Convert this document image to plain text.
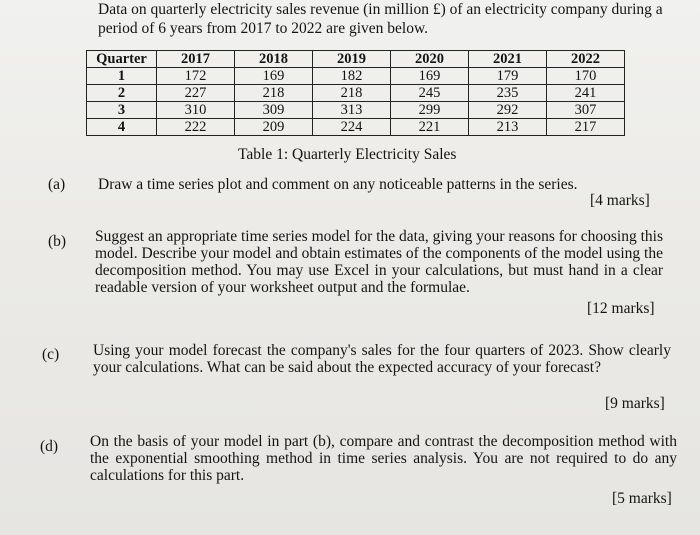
Data on quarterly electricity sales revenue (in million £) of an electricity company during a period of 6 years from 2017 to 2022 are given below.
Quarter	2017	2018	2019	2020	2021	2022
1	172	169	182	169	179	170
2	227	218	218	245	235	241
3	310	309	313	299	292	307
4	222	209	224	221	213	217
Table 1: Quarterly Electricity Sales
(a) Draw a time series plot and comment on any noticeable patterns in the series.
[4 marks]
(b) Suggest an appropriate time series model for the data, giving your reasons for choosing this model. Describe your model and obtain estimates of the components of the model using the decomposition method. You may use Excel in your calculations, but must hand in a clear readable version of your worksheet output and the formulae.
[12 marks]
(c) Using your model forecast the company's sales for the four quarters of 2023. Show clearly your calculations. What can be said about the expected accuracy of your forecast?
[9 marks]
(d) On the basis of your model in part (b), compare and contrast the decomposition method with the exponential smoothing method in time series analysis. You are not required to do any calculations for this part.
[5 marks]
